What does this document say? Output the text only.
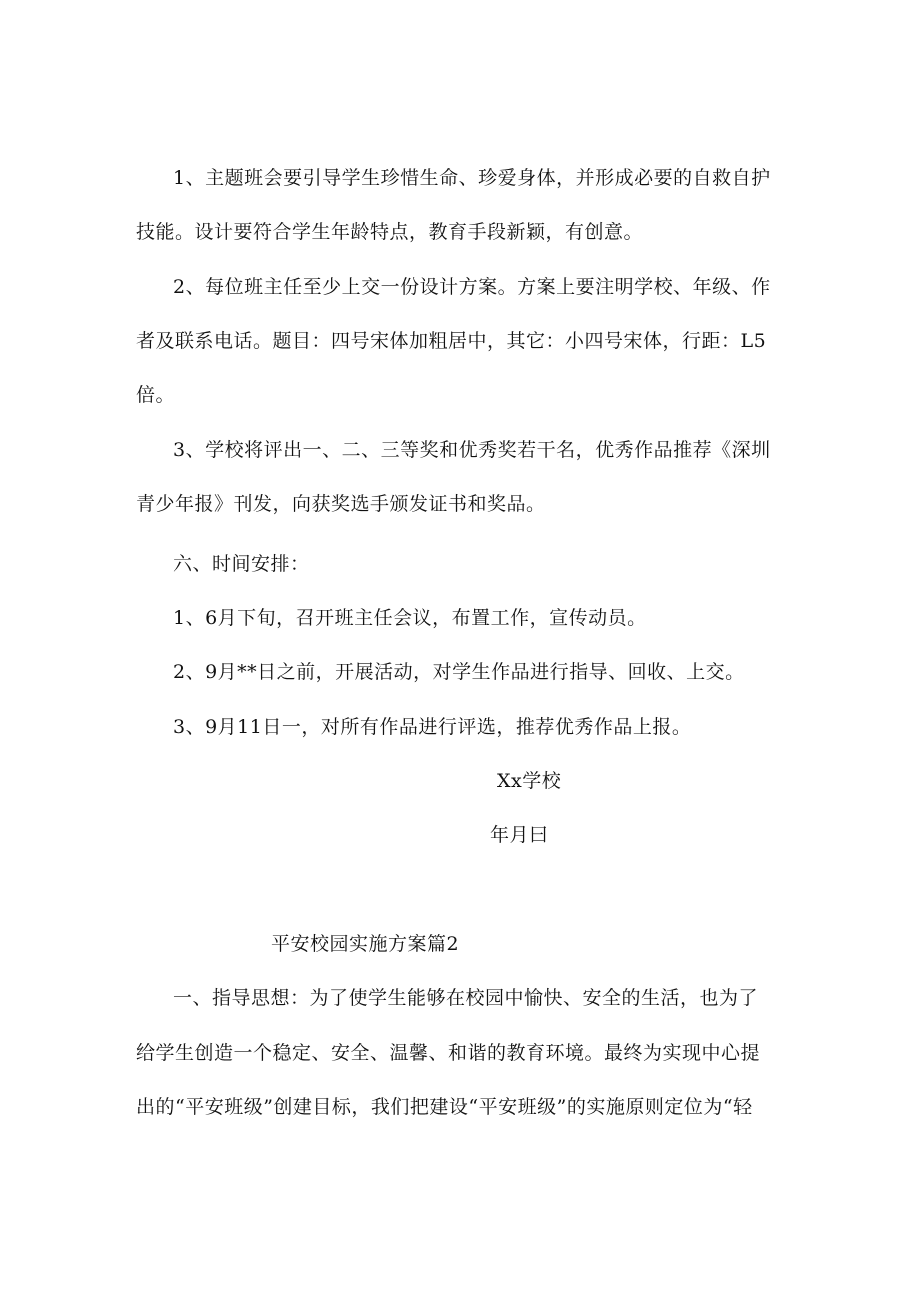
1、主题班会要引导学生珍惜生命、珍爱身体，并形成必要的自救自护
技能。设计要符合学生年龄特点，教育手段新颖，有创意。
2、每位班主任至少上交一份设计方案。方案上要注明学校、年级、作
者及联系电话。题目：四号宋体加粗居中，其它：小四号宋体，行距：L5
倍。
3、学校将评出一、二、三等奖和优秀奖若干名，优秀作品推荐《深圳
青少年报》刊发，向获奖选手颁发证书和奖品。
六、时间安排：
1、6月下旬，召开班主任会议，布置工作，宣传动员。
2、9月**日之前，开展活动，对学生作品进行指导、回收、上交。
3、9月11日一，对所有作品进行评选，推荐优秀作品上报。
Xx学校
年月曰
平安校园实施方案篇2
一、指导思想：为了使学生能够在校园中愉快、安全的生活，也为了
给学生创造一个稳定、安全、温馨、和谐的教育环境。最终为实现中心提
出的“平安班级”创建目标，我们把建设“平安班级”的实施原则定位为“轻
